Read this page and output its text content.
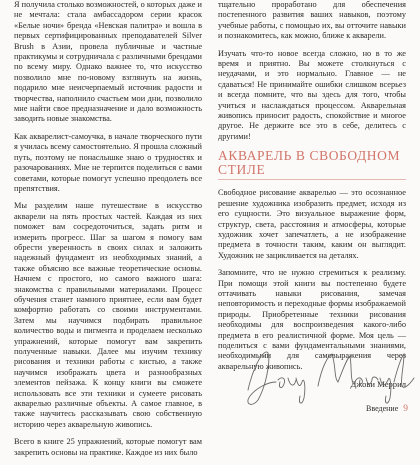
Я получила столько возможностей, о которых даже и не мечтала: стала амбассадором серии красок «Белые ночи» бренда «Невская палитра» и вошла в первых сертифицированных преподавателей Silver Brush в Азии, провела публичные и частные практикумы и сотрудничала с различными брендами по всему миру. Однако важнее то, что искусство позволило мне по-новому взглянуть на жизнь, подарило мне неисчерпаемый источник радости и творчества, наполнило счастьем мои дни, позволило мне найти свое предназначение и дало возможность заводить новые знакомства.

Как акварелист-самоучка, в начале творческого пути я училась всему самостоятельно. Я прошла сложный путь, поэтому не понаслышке знаю о трудностях и разочарованиях. Мне не терпится поделиться с вами советами, которые помогут успешно преодолеть все препятствия.

Мы разделим наше путешествие в искусство акварели на пять простых частей. Каждая из них поможет вам сосредоточиться, задать ритм и измерить прогресс. Шаг за шагом я помогу вам обрести уверенность в своих силах и заложить надежный фундамент из необходимых знаний, а также объясню все важные теоретические основы. Начнем с простого, но самого важного шага: знакомства с правильными материалами. Процесс обучения станет намного приятнее, если вам будет комфортно работать со своими инструментами. Затем мы научимся подбирать правильное количество воды и пигмента и проделаем несколько упражнений, которые помогут вам закрепить полученные навыки. Далее мы изучим технику рисования и техники работы с кистью, а также научимся изображать цвета и разнообразных элементов пейзажа. К концу книги вы сможете использовать все эти техники и сумеете рисовать акварелью различные объекты. А самое главное, в также научитесь рассказывать свою собственную историю через акварельную живопись.

Всего в книге 25 упражнений, которые помогут вам закрепить основы на практике. Каждое из них было

тщательно проработано для обеспечения постепенного развития ваших навыков, поэтому учебные работы, с помощью их, вы отточите навыки и познакомитесь, как можно, ближе к акварели.

Изучать что-то новое всегда сложно, но в то же время и приятно. Вы можете столкнуться с неудачами, и это нормально. Главное — не сдаваться! Не принимайте ошибки слишком всерьез и всегда помните, что вы здесь для того, чтобы учиться и наслаждаться процессом. Акварельная живопись приносит радость, спокойствие и многое другое. Не держите все это в себе, делитесь с другими!

АКВАРЕЛЬ В СВОБОДНОМ
СТИЛЕ

Свободное рисование акварелью — это осознанное решение художника изобразить предмет, исходя из его сущности. Это визуальное выражение форм, структур, света, расстояния и атмосферы, которые художник хочет запечатлеть, а не изображение предмета в точности таким, каким он выглядит. Художник не зацикливается на деталях.

Запомните, что не нужно стремиться к реализму. При помощи этой книги вы постепенно будете оттачивать навыки рисования, замечая неповторимость и переходные формы изображаемой природы. Приобретенные техники рисования необходимы для воспроизведения какого-либо предмета в его реалистичной форме. Моя цель — поделиться с вами фундаментальными знаниями, необходимыми для самовыражения через акварельную живопись.

Джови Меррил
Введение 9
